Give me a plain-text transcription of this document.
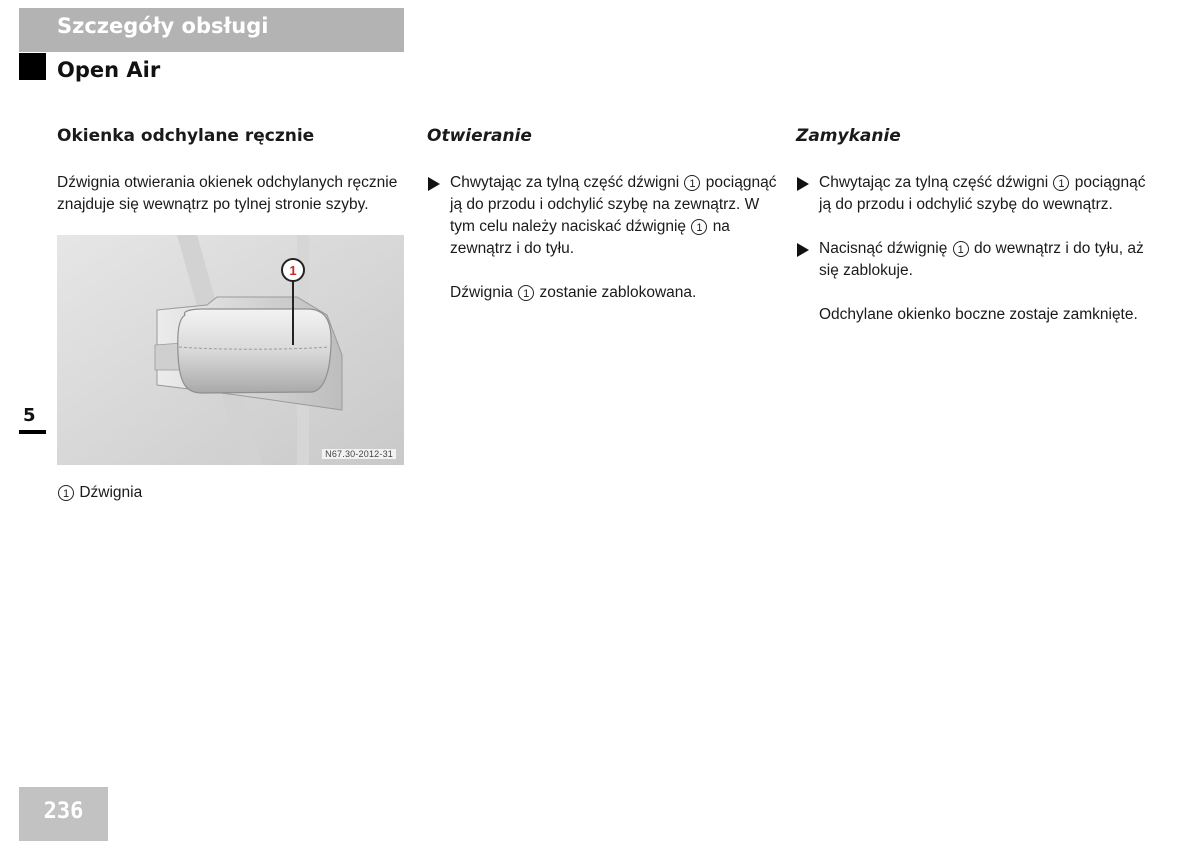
Szczegóły obsługi
Open Air
5
Okienka odchylane ręcznie

Dźwignia otwierania okienek odchylanych ręcznie znajduje się wewnątrz po tylnej stronie szyby.

1
N67.30-2012-31
1 Dźwignia
Otwieranie
Chwytając za tylną część dźwigni 1 pociągnąć ją do przodu i odchylić szybę na zewnątrz. W tym celu należy naciskać dźwignię 1 na zewnątrz i do tyłu.

Dźwignia 1 zostanie zablokowana.

Zamykanie
Chwytając za tylną część dźwigni 1 pociągnąć ją do przodu i odchylić szybę do wewnątrz.
Nacisnąć dźwignię 1 do wewnątrz i do tyłu, aż się zablokuje.

Odchylane okienko boczne zostaje zamknięte.

236
